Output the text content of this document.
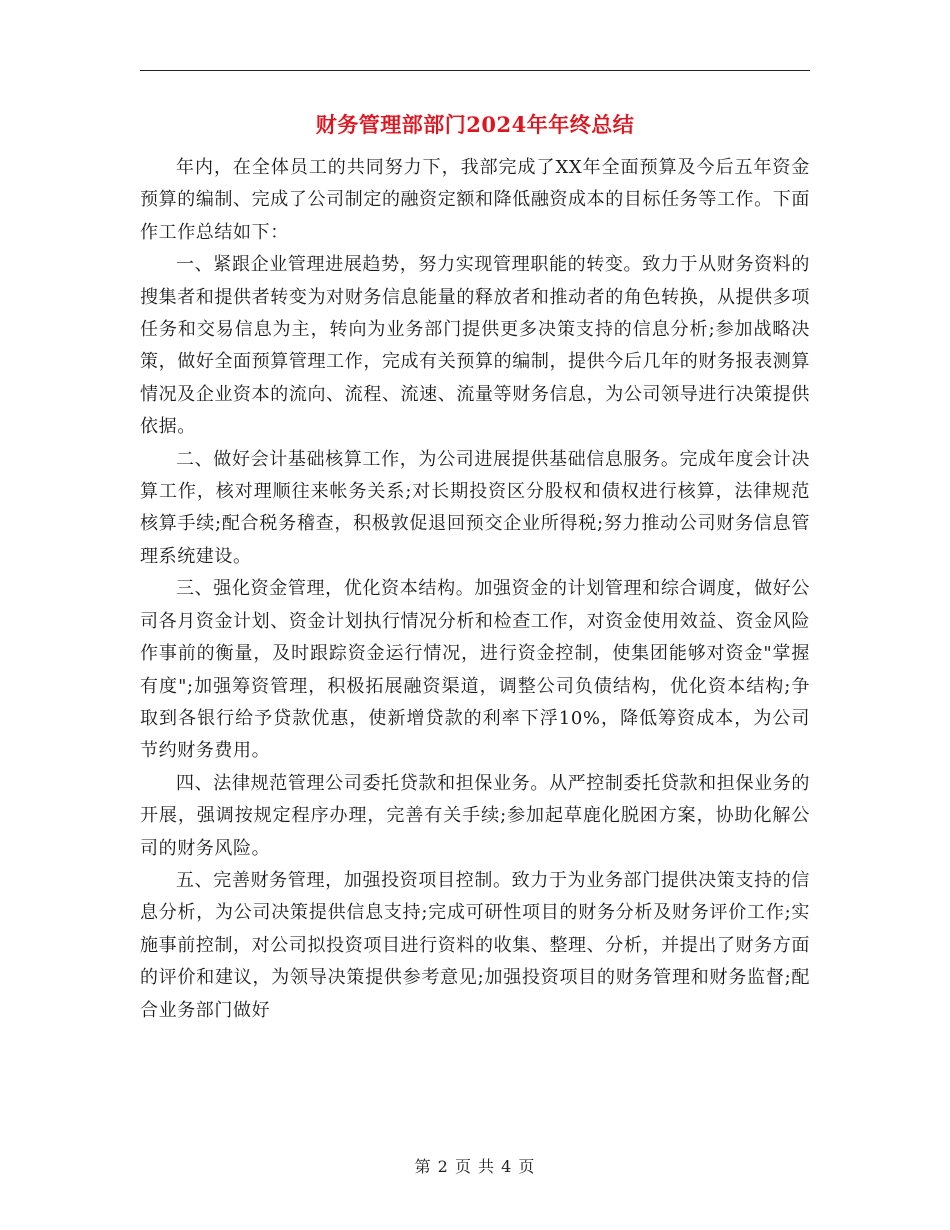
财务管理部部门2024年年终总结

年内，在全体员工的共同努力下，我部完成了XX年全面预算及今后五年资金预算的编制、完成了公司制定的融资定额和降低融资成本的目标任务等工作。下面作工作总结如下：

一、紧跟企业管理进展趋势，努力实现管理职能的转变。致力于从财务资料的搜集者和提供者转变为对财务信息能量的释放者和推动者的角色转换，从提供多项任务和交易信息为主，转向为业务部门提供更多决策支持的信息分析;参加战略决策，做好全面预算管理工作，完成有关预算的编制，提供今后几年的财务报表测算情况及企业资本的流向、流程、流速、流量等财务信息，为公司领导进行决策提供依据。

二、做好会计基础核算工作，为公司进展提供基础信息服务。完成年度会计决算工作，核对理顺往来帐务关系;对长期投资区分股权和债权进行核算，法律规范核算手续;配合税务稽查，积极敦促退回预交企业所得税;努力推动公司财务信息管理系统建设。

三、强化资金管理，优化资本结构。加强资金的计划管理和综合调度，做好公司各月资金计划、资金计划执行情况分析和检查工作，对资金使用效益、资金风险作事前的衡量，及时跟踪资金运行情况，进行资金控制，使集团能够对资金"掌握有度";加强筹资管理，积极拓展融资渠道，调整公司负债结构，优化资本结构;争取到各银行给予贷款优惠，使新增贷款的利率下浮10%，降低筹资成本，为公司节约财务费用。

四、法律规范管理公司委托贷款和担保业务。从严控制委托贷款和担保业务的开展，强调按规定程序办理，完善有关手续;参加起草鹿化脱困方案，协助化解公司的财务风险。

五、完善财务管理，加强投资项目控制。致力于为业务部门提供决策支持的信息分析，为公司决策提供信息支持;完成可研性项目的财务分析及财务评价工作;实施事前控制，对公司拟投资项目进行资料的收集、整理、分析，并提出了财务方面的评价和建议，为领导决策提供参考意见;加强投资项目的财务管理和财务监督;配合业务部门做好

第 2 页 共 4 页
